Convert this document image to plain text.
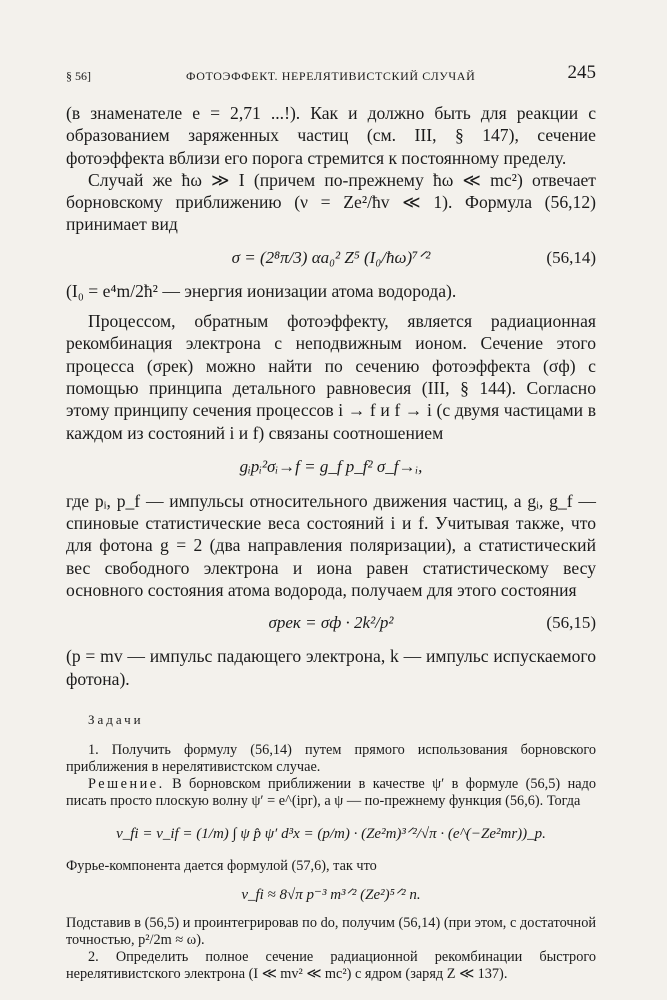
§ 56]	ФОТОЭФФЕКТ. НЕРЕЛЯТИВИСТСКИЙ СЛУЧАЙ	245

(в знаменателе e = 2,71 ...!). Как и должно быть для реакции с образованием заряженных частиц (см. III, § 147), сечение фотоэффекта вблизи его порога стремится к постоянному пределу.

Случай же ħω ≫ I (причем по-прежнему ħω ≪ mc²) отвечает борновскому приближению (ν = Ze²/ħv ≪ 1). Формула (56,12) принимает вид

σ = (2⁸π/3) αa₀² Z⁵ (I₀/ħω)⁷ᐟ²	(56,14)

(I₀ = e⁴m/2ħ² — энергия ионизации атома водорода).

Процессом, обратным фотоэффекту, является радиационная рекомбинация электрона с неподвижным ионом. Сечение этого процесса (σрек) можно найти по сечению фотоэффекта (σф) с помощью принципа детального равновесия (III, § 144). Согласно этому принципу сечения процессов i → f и f → i (с двумя частицами в каждом из состояний i и f) связаны соотношением

gᵢpᵢ²σᵢ→f = g_f p_f² σ_f→ᵢ,

где pᵢ, p_f — импульсы относительного движения частиц, а gᵢ, g_f — спиновые статистические веса состояний i и f. Учитывая также, что для фотона g = 2 (два направления поляризации), а статистический вес свободного электрона и иона равен статистическому весу основного состояния атома водорода, получаем для этого состояния

σрек = σф · 2k²/p²	(56,15)

(p = mv — импульс падающего электрона, k — импульс испускаемого фотона).

Задачи

1. Получить формулу (56,14) путем прямого использования борновского приближения в нерелятивистском случае.

Решение. В борновском приближении в качестве ψ′ в формуле (56,5) надо писать просто плоскую волну ψ′ = e^(ipr), а ψ — по-прежнему функция (56,6). Тогда

v_fi = v_if = (1/m) ∫ ψ p̂ ψ′ d³x = (p/m) · (Ze²m)³ᐟ²/√π · (e^(−Ze²mr))_p.

Фурье-компонента дается формулой (57,6), так что

v_fi ≈ 8√π p⁻³ m³ᐟ² (Ze²)⁵ᐟ² n.

Подставив в (56,5) и проинтегрировав по do, получим (56,14) (при этом, с достаточной точностью, p²/2m ≈ ω).

2. Определить полное сечение радиационной рекомбинации быстрого нерелятивистского электрона (I ≪ mv² ≪ mc²) с ядром (заряд Z ≪ 137).
